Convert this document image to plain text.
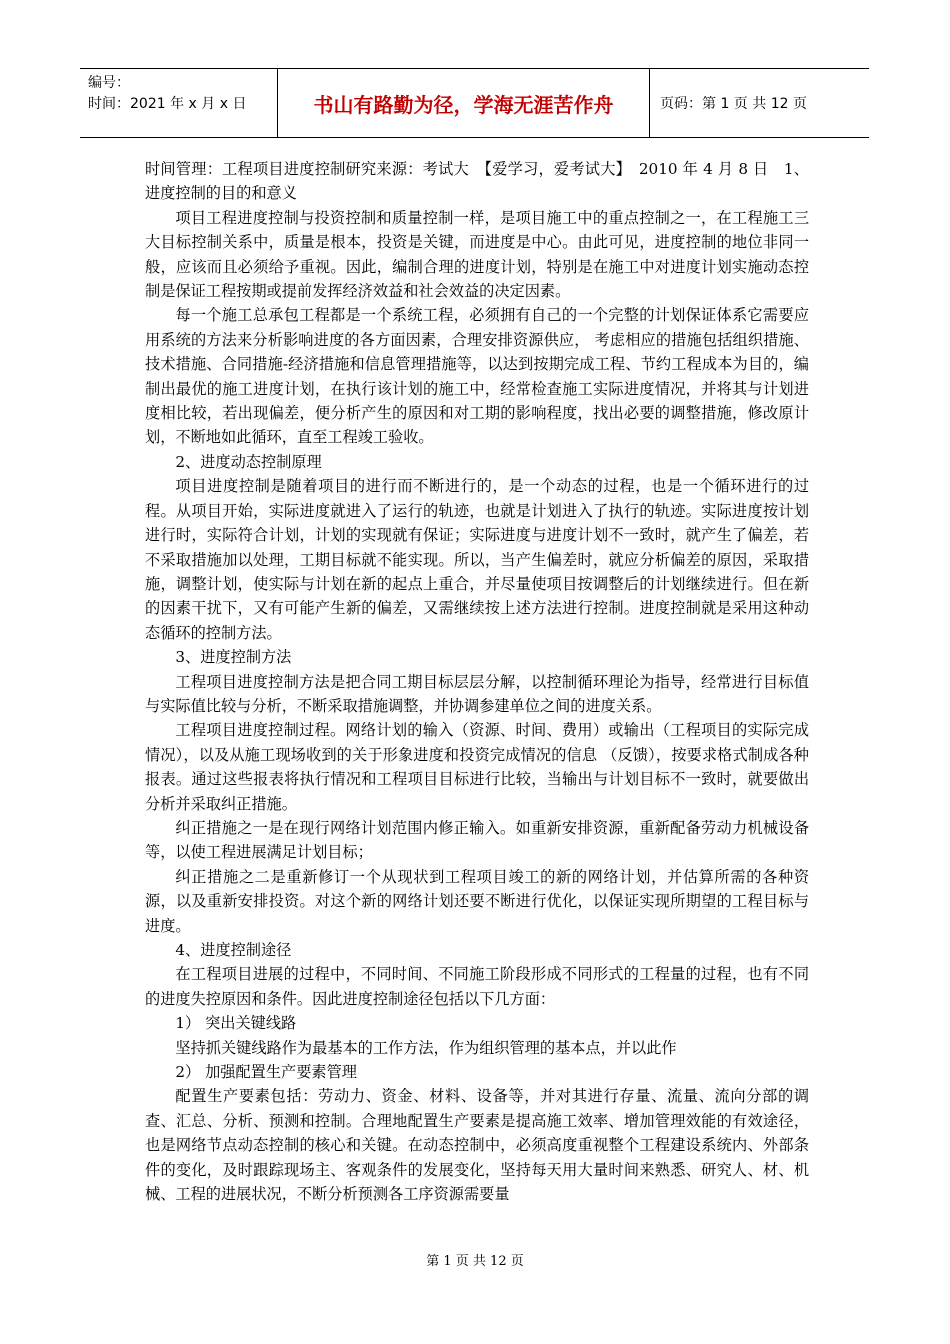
编号：
时间：2021 年 x 月 x 日	书山有路勤为径，学海无涯苦作舟	页码：第 1 页 共 12 页

时间管理：工程项目进度控制研究来源：考试大　【爱学习，爱考试大】　2010 年 4 月 8 日　1、进度控制的目的和意义

项目工程进度控制与投资控制和质量控制一样，是项目施工中的重点控制之一，在工程施工三大目标控制关系中，质量是根本，投资是关键，而进度是中心。由此可见，进度控制的地位非同一般，应该而且必须给予重视。因此，编制合理的进度计划，特别是在施工中对进度计划实施动态控制是保证工程按期或提前发挥经济效益和社会效益的决定因素。

每一个施工总承包工程都是一个系统工程，必须拥有自己的一个完整的计划保证体系它需要应用系统的方法来分析影响进度的各方面因素，合理安排资源供应， 考虑相应的措施包括组织措施、技术措施、合同措施-经济措施和信息管理措施等，以达到按期完成工程、节约工程成本为目的，编制出最优的施工进度计划，在执行该计划的施工中，经常检查施工实际进度情况，并将其与计划进度相比较，若出现偏差，便分析产生的原因和对工期的影响程度，找出必要的调整措施，修改原计划，不断地如此循环，直至工程竣工验收。

2、进度动态控制原理

项目进度控制是随着项目的进行而不断进行的，是一个动态的过程，也是一个循环进行的过程。从项目开始，实际进度就进入了运行的轨迹，也就是计划进入了执行的轨迹。实际进度按计划进行时，实际符合计划，计划的实现就有保证；实际进度与进度计划不一致时，就产生了偏差，若不采取措施加以处理，工期目标就不能实现。所以，当产生偏差时，就应分析偏差的原因，采取措施，调整计划，使实际与计划在新的起点上重合，并尽量使项目按调整后的计划继续进行。但在新的因素干扰下，又有可能产生新的偏差，又需继续按上述方法进行控制。进度控制就是采用这种动态循环的控制方法。

3、进度控制方法

工程项目进度控制方法是把合同工期目标层层分解，以控制循环理论为指导，经常进行目标值与实际值比较与分析，不断采取措施调整，并协调参建单位之间的进度关系。

工程项目进度控制过程。网络计划的输入（资源、时间、费用）或输出（工程项目的实际完成情况），以及从施工现场收到的关于形象进度和投资完成情况的信息 （反馈），按要求格式制成各种报表。通过这些报表将执行情况和工程项目目标进行比较，当输出与计划目标不一致时，就要做出分析并采取纠正措施。

纠正措施之一是在现行网络计划范围内修正输入。如重新安排资源，重新配备劳动力机械设备等，以使工程进展满足计划目标；

纠正措施之二是重新修订一个从现状到工程项目竣工的新的网络计划，并估算所需的各种资源，以及重新安排投资。对这个新的网络计划还要不断进行优化，以保证实现所期望的工程目标与进度。

4、进度控制途径

在工程项目进展的过程中，不同时间、不同施工阶段形成不同形式的工程量的过程，也有不同的进度失控原因和条件。因此进度控制途径包括以下几方面：

1） 突出关键线路

坚持抓关键线路作为最基本的工作方法，作为组织管理的基本点，并以此作

2） 加强配置生产要素管理

配置生产要素包括：劳动力、资金、材料、设备等，并对其进行存量、流量、流向分部的调查、汇总、分析、预测和控制。合理地配置生产要素是提高施工效率、增加管理效能的有效途径，也是网络节点动态控制的核心和关键。在动态控制中，必须高度重视整个工程建设系统内、外部条件的变化，及时跟踪现场主、客观条件的发展变化，坚持每天用大量时间来熟悉、研究人、材、机械、工程的进展状况，不断分析预测各工序资源需要量

第 1 页 共 12 页
